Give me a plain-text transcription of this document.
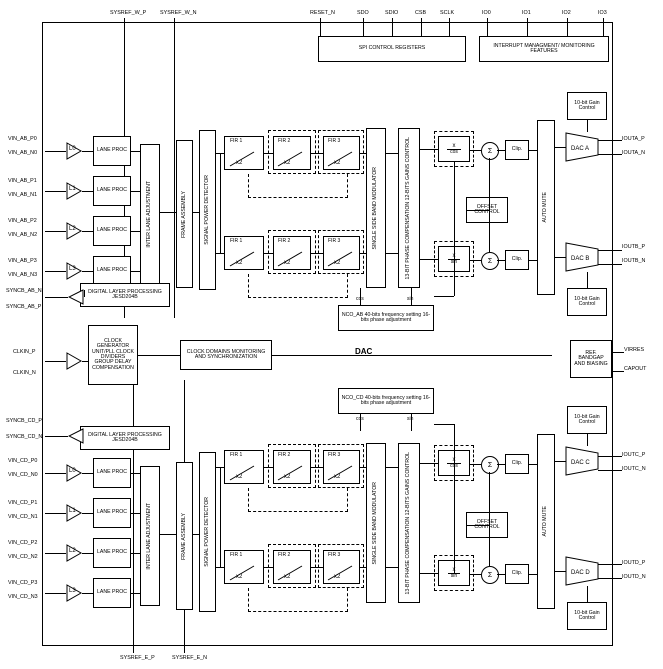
DAC
SYSREF_W_P	SYSREF_W_N	RESET_N	SDO	SDIO	CSB	SCLK	IO0	IO1	IO2	IO3
SPI CONTROL REGISTERS	INTERRUPT MANAGMENT/ MONITORING FEATURES
SYSREF_E_P	SYSREF_E_N
VIN_AB_P0
VIN_AB_N0
VIN_AB_P1
VIN_AB_N1
VIN_AB_P2
VIN_AB_N2
VIN_AB_P3
VIN_AB_N3
L0
L1
L2
L3
LANE PROC
LANE PROC
LANE PROC
LANE PROC
DIGITAL LAYER PROCESSING JESD204B
INTER LANE ADJUSTMENT	FRAME ASSEMBLY	SIGNAL POWER DETECTOR
SYNCB_AB_N
SYNCB_AB_P
CLKIN_P
CLKIN_N
CLOCK GENERATOR UNIT/PLL CLOCK DIVIDERS GROUP DELAY COMPENSATION
CLOCK DOMAINS MONITORING AND SYNCHRONIZATION
FIR 1
x2
FIR 2
x2
FIR 3
x2
FIR 1
x2
FIR 2
x2
FIR 3
x2
SINGLE SIDE BAND MODULATOR	13-BIT PHASE COMPENSATION 12-BITS GAINS CONTROL
NCO_AB 40-bits frequency setting 16-bits phase adjustment
cos	sin
x
cos
x
sin
OFFSET CONTROL
Σ
Σ
Clip.
Clip.
AUTO MUTE
DAC A
DAC B
10-bit Gain Control
10-bit Gain Control
IOUTA_P
IOUTA_N
IOUTB_P
IOUTB_N
REF. BANDGAP AND BIASING
VIRRES
CAPOUT
DIGITAL LAYER PROCESSING JESD204B
SYNCB_CD_P
SYNCB_CD_N
VIN_CD_P0
VIN_CD_N0
VIN_CD_P1
VIN_CD_N1
VIN_CD_P2
VIN_CD_N2
VIN_CD_P3
VIN_CD_N3
L0
L1
L2
L3
LANE PROC
LANE PROC
LANE PROC
LANE PROC
INTER LANE ADJUSTMENT	FRAME ASSEMBLY	SIGNAL POWER DETECTOR
FIR 1
x2
FIR 2
x2
FIR 3
x2
FIR 1
x2
FIR 2
x2
FIR 3
x2
SINGLE SIDE BAND MODULATOR	13-BIT PHASE COMPENSATION 12-BITS GAINS CONTROL
NCO_CD 40-bits frequency setting 16-bits phase adjustment
cos	sin
x
cos
x
sin
OFFSET CONTROL
Σ
Σ
Clip.
Clip.
AUTO MUTE
DAC C
DAC D
10-bit Gain Control
10-bit Gain Control
IOUTC_P
IOUTC_N
IOUTD_P
IOUTD_N
